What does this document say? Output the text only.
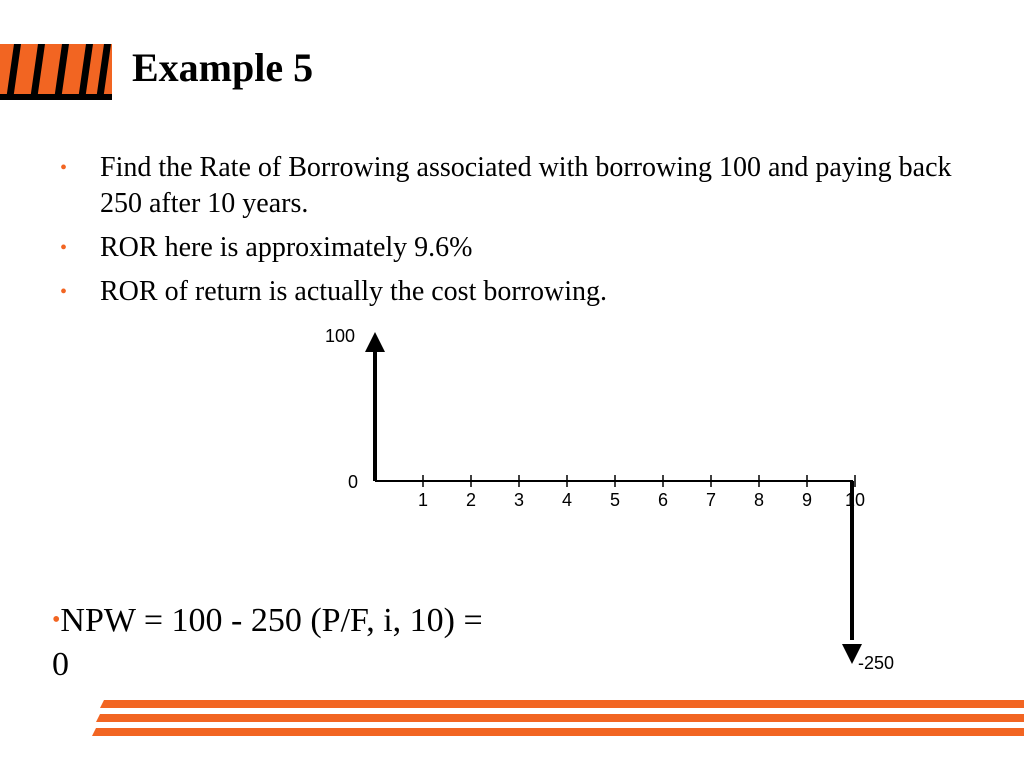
Example 5
• Find the Rate of Borrowing associated with borrowing 100 and paying back 250 after 10 years.
• ROR here is approximately 9.6%
• ROR of return is actually the cost borrowing.
1 2 3 4 5 6 7 8 9 10
100
0
-250
•NPW = 100 - 250 (P/F, i, 10) =
0
